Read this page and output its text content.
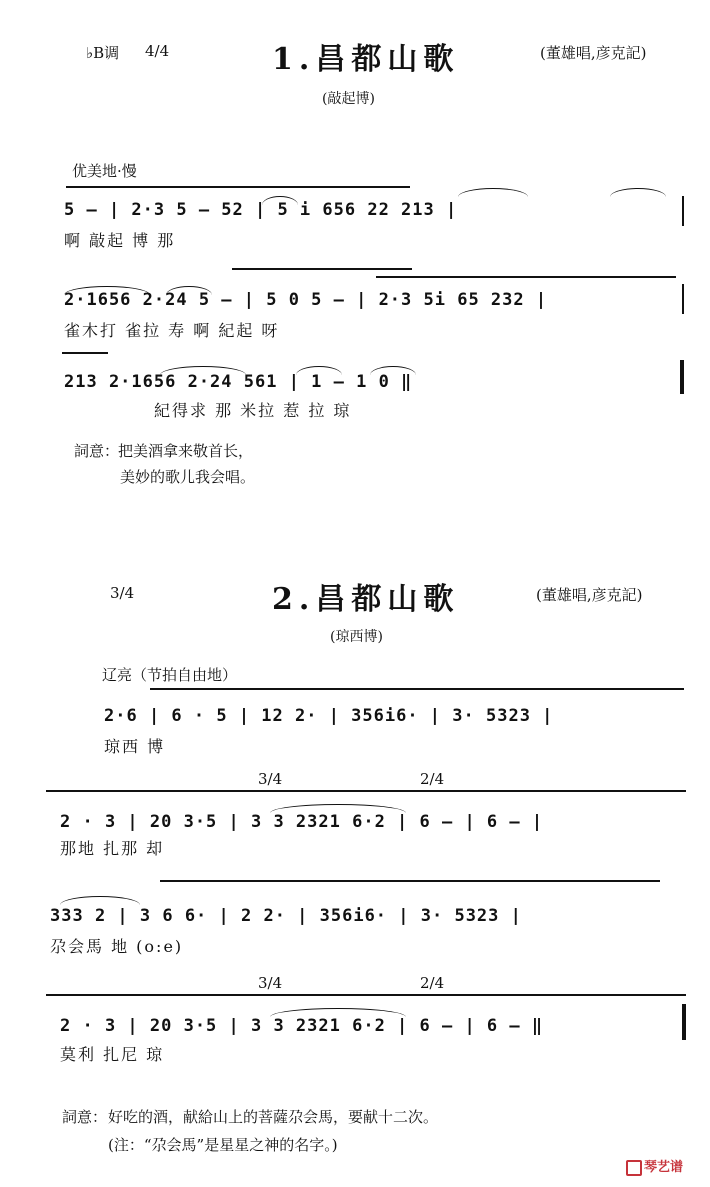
♭B调 4/4	1.昌都山歌	(董雄唱,彦克記)
(敲起博)
优美地·慢
5 — | 2·3 5 — 52 | 5 i 656 22 213 |
啊 敲起 博 那
2·1656 2·24 5 — | 5 0 5 — | 2·3 5i 65 232 |
雀木打 雀拉 寿 啊 紀起 呀
213 2·1656 2·24 561 | 1 — 1 0 ‖
紀得求 那 米拉 惹 拉 琼
詞意：
把美酒拿来敬首长，
美妙的歌儿我会唱。
3/4	2.昌都山歌	(董雄唱,彦克記)
(琼西博)
辽亮（节拍自由地）
2·6 | 6 · 5 | 12 2· | 356i6· | 3· 5323 |
琼西 博
3/4	2/4
2 · 3 | 20 3·5 | 3 3 2321 6·2 | 6 — | 6 — |
那地 扎那 却
333 2 | 3 6 6· | 2 2· | 356i6· | 3· 5323 |
尕会馬 地 (o:e)
3/4	2/4
2 · 3 | 20 3·5 | 3 3 2321 6·2 | 6 — | 6 — ‖
莫利 扎尼 琼
詞意： 好吃的酒，献給山上的菩薩尕会馬，要献十二次。
(注：“尕会馬”是星星之神的名字。)
琴艺谱
